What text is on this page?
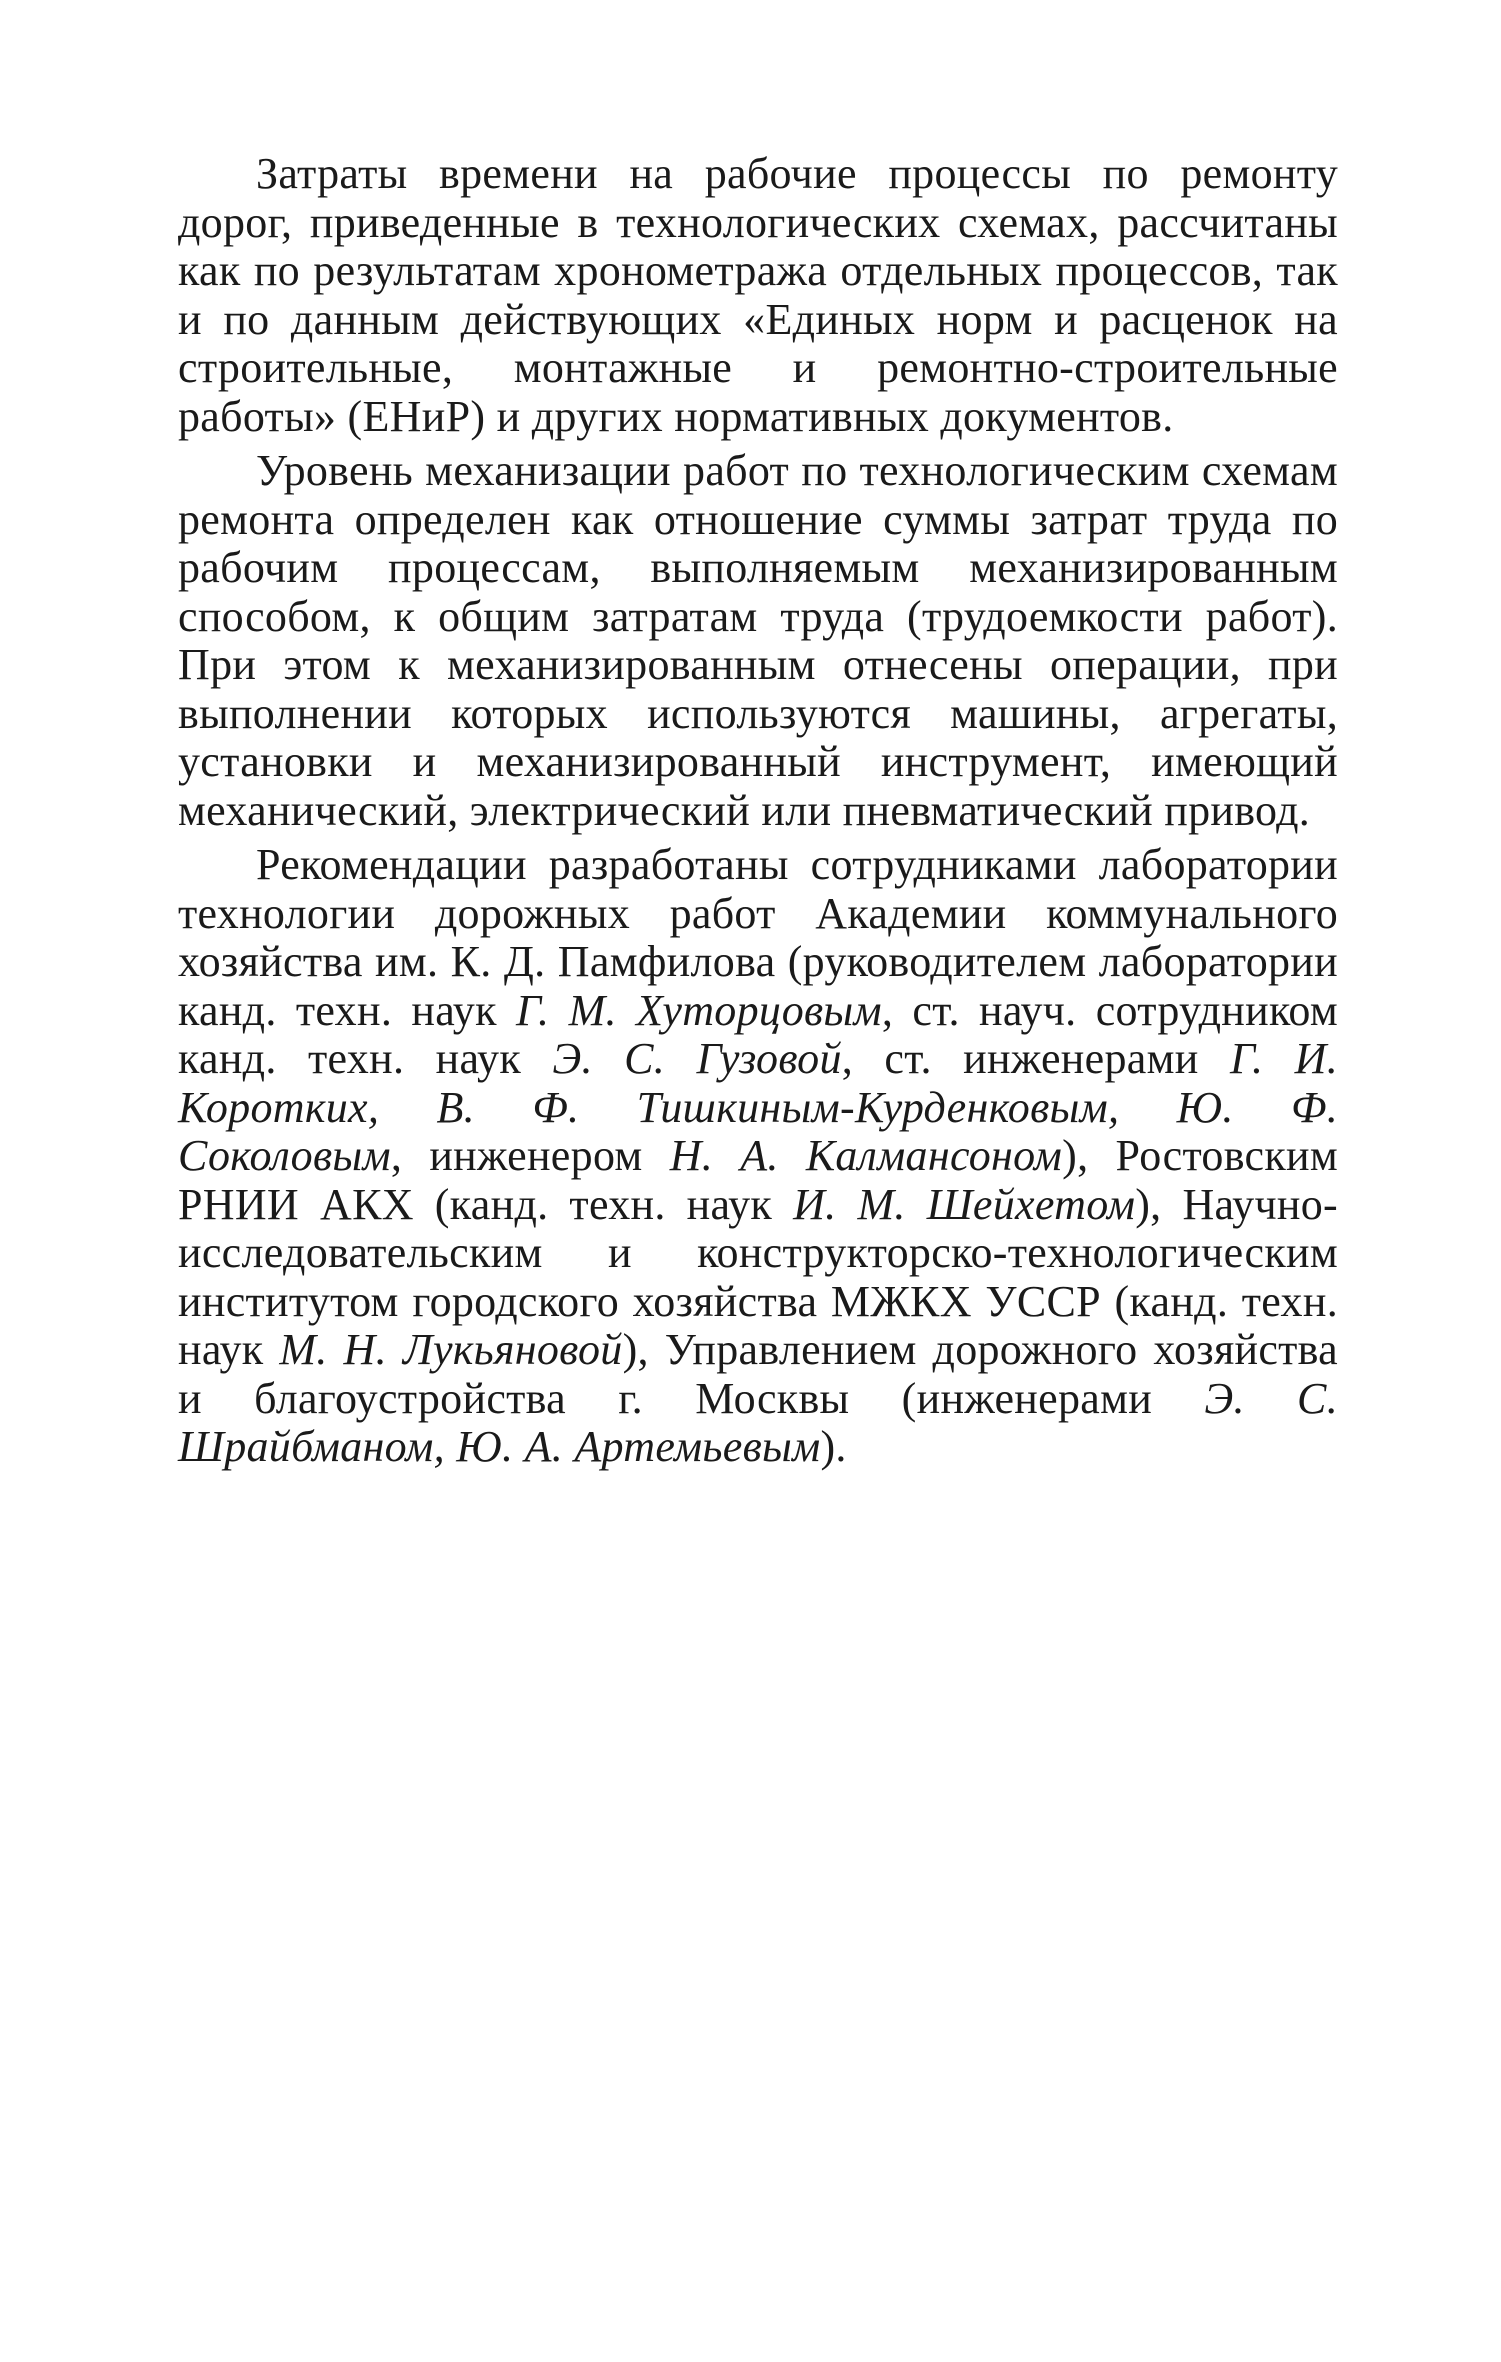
Затраты времени на рабочие процессы по ремонту дорог, приведенные в технологических схемах, рассчитаны как по результатам хронометража отдельных процессов, так и по данным действующих «Единых норм и расценок на строительные, монтажные и ремонтно-строительные работы» (ЕНиР) и других нормативных документов.

Уровень механизации работ по технологическим схемам ремонта определен как отношение суммы затрат труда по рабочим процессам, выполняемым механизированным способом, к общим затратам труда (трудоемкости работ). При этом к механизированным отнесены операции, при выполнении которых используются машины, агрегаты, установки и механизированный инструмент, имеющий механический, электрический или пневматический привод.

Рекомендации разработаны сотрудниками лаборатории технологии дорожных работ Академии коммунального хозяйства им. К. Д. Памфилова (руководителем лаборатории канд. техн. наук Г. М. Хуторцовым, ст. науч. сотрудником канд. техн. наук Э. С. Гузовой, ст. инженерами Г. И. Коротких, В. Ф. Тишкиным-Курденковым, Ю. Ф. Соколовым, инженером Н. А. Калмансоном), Ростовским РНИИ АКХ (канд. техн. наук И. М. Шейхетом), Научно-исследовательским и конструкторско-технологическим институтом городского хозяйства МЖКХ УССР (канд. техн. наук М. Н. Лукьяновой), Управлением дорожного хозяйства и благоустройства г. Москвы (инженерами Э. С. Шрайбманом, Ю. А. Артемьевым).
